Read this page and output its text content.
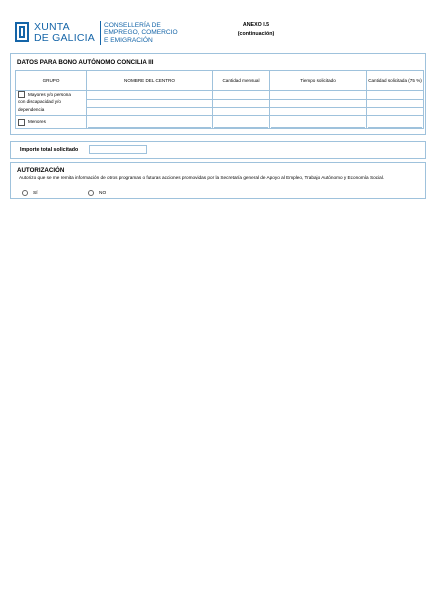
XUNTA
DE GALICIA
CONSELLERÍA DE
EMPREGO, COMERCIO
E EMIGRACIÓN
ANEXO I.5
(continuación)
DATOS PARA BONO AUTÓNOMO CONCILIA III
GRUPO	NOMBRE DEL CENTRO	Cantidad mensual	Tiempo solicitado	Cantidad solicitada (75 %)

Mayores y/o persona
con discapacidad y/o
dependencia				

Menores				

Importe total solicitado
AUTORIZACIÓN
Autorizo que se me remita información de otros programas o futuras acciones promovidas por la Secretaría general de Apoyo al Empleo, Trabajo Autónomo y Economía Social.
SÍ	NO
